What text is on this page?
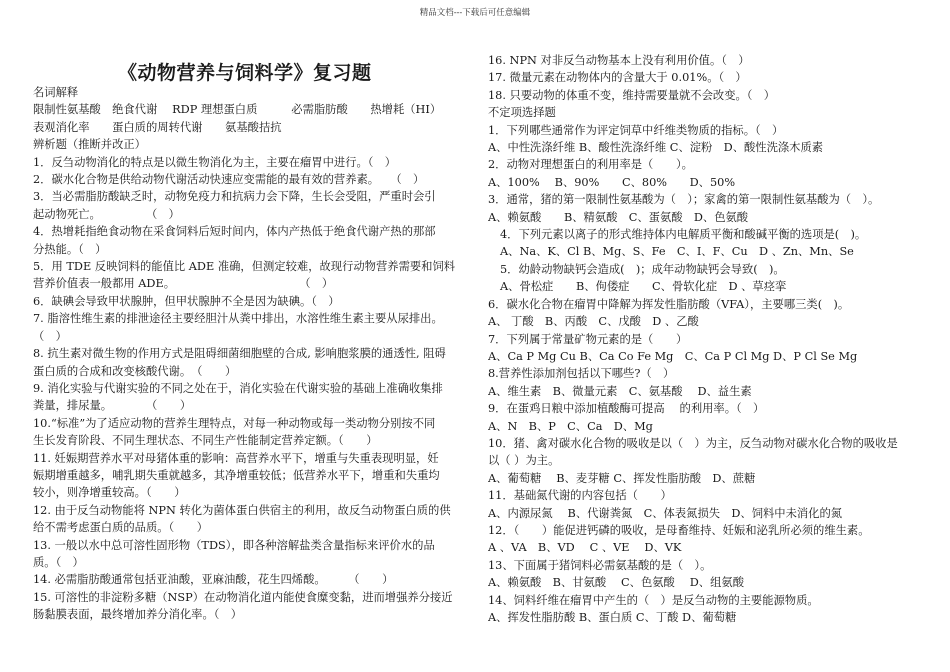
精品文档---下载后可任意编辑
《动物营养与饲料学》复习题
名词解释
限制性氨基酸　绝食代谢　 RDP 理想蛋白质　　　必需脂肪酸　　热增耗（HI）
表观消化率　　蛋白质的周转代谢　　氨基酸拮抗
辨析题（推断并改正）
1．反刍动物消化的特点是以微生物消化为主，主要在瘤胃中进行。（　）
2．碳水化合物是供给动物代谢活动快速应变需能的最有效的营养素。　　（　）
3．当必需脂肪酸缺乏时，动物免疫力和抗病力会下降，生长会受阻，严重时会引
起动物死亡。　　　　　（　）
4．热增耗指绝食动物在采食饲料后短时间内，体内产热低于绝食代谢产热的那部
分热能。（　）
5．用 TDE 反映饲料的能值比 ADE 准确，但测定较难，故现行动物营养需要和饲料
营养价值表一般都用 ADE。　　　　　　　　　　　　（　）
6．缺碘会导致甲状腺肿，但甲状腺肿不全是因为缺碘。（　）
7. 脂溶性维生素的排泄途径主要经胆汁从粪中排出，水溶性维生素主要从尿排出。
（　）
8. 抗生素对微生物的作用方式是阻碍细菌细胞壁的合成, 影响胞浆膜的通透性, 阻碍
蛋白质的合成和改变核酸代谢。　（　　）
9. 消化实验与代谢实验的不同之处在于，消化实验在代谢实验的基础上准确收集排
粪量，排尿量。　　　　（　　）
10.“标准”为了适应动物的营养生理特点，对每一种动物或每一类动物分别按不同
生长发育阶段、不同生理状态、不同生产性能制定营养定额。（　　）
11. 妊娠期营养水平对母猪体重的影响：高营养水平下，增重与失重表现明显，妊
娠期增重越多，哺乳期失重就越多，其净增重较低；低营养水平下，增重和失重均
较小，则净增重较高。（　　）
12. 由于反刍动物能将 NPN 转化为菌体蛋白供宿主的利用，故反刍动物蛋白质的供
给不需考虑蛋白质的品质。（　　）
13. 一般以水中总可溶性固形物（TDS），即各种溶解盐类含量指标来评价水的品
质。（　）
14. 必需脂肪酸通常包括亚油酸，亚麻油酸，花生四烯酸。　　　（　　）
15. 可溶性的非淀粉多糖（NSP）在动物消化道内能使食糜变黏，进而增强养分接近
肠黏膜表面，最终增加养分消化率。（　）
16. NPN 对非反刍动物基本上没有利用价值。（　）
17. 微量元素在动物体内的含量大于 0.01%。（　）
18. 只要动物的体重不变，维持需要量就不会改变。（　）
不定项选择题
1．下列哪些通常作为评定饲草中纤维类物质的指标。（　）
A、中性洗涤纤维 B、酸性洗涤纤维 C、淀粉　D、酸性洗涤木质素
2．动物对理想蛋白的利用率是（　　）。
A、100%　 B、90%　　C、80%　　D、50%
3．通常，猪的第一限制性氨基酸为（　）；家禽的第一限制性氨基酸为（　）。
A、赖氨酸　　B、精氨酸　C、蛋氨酸　D、色氨酸
4．下列元素以离子的形式维持体内电解质平衡和酸碱平衡的选项是(　)。
A、Na、K、Cl B、Mg、S、Fe　C、I、F、Cu　D 、Zn、Mn、Se
5．幼龄动物缺钙会造成(　)；成年动物缺钙会导致(　)。
A、骨松症　　B、佝偻症　　C、骨软化症　D 、草痉挛
6．碳水化合物在瘤胃中降解为挥发性脂肪酸（VFA），主要哪三类(　)。
A、 丁酸　B、丙酸　C、戊酸　D 、乙酸
7．下列属于常量矿物元素的是（　　）
A、Ca P Mg Cu B、Ca Co Fe Mg　C、Ca P Cl Mg D、P Cl Se Mg
8.营养性添加剂包括以下哪些?（　）
A、维生素　B、微量元素　C、氨基酸　 D、益生素
9．在蛋鸡日粮中添加植酸酶可提高　 的利用率。（　）
A、N　B、P　C、Ca　D、Mg
10．猪、禽对碳水化合物的吸收是以（　）为主，反刍动物对碳水化合物的吸收是
以（ ）为主。
A、葡萄糖　 B、麦芽糖 C、挥发性脂肪酸　D、蔗糖
11．基础氮代谢的内容包括（　　）
A、内源尿氮　 B、代谢粪氮　C、体表氮损失　D、饲料中未消化的氮
12．（　　）能促进钙磷的吸收，是母畜维持、妊娠和泌乳所必须的维生素。
A 、VA　B、VD　 C 、VE　 D、VK
13、下面属于猪饲料必需氨基酸的是（　）。
A、赖氨酸　B、甘氨酸　 C、色氨酸　 D、组氨酸
14、饲料纤维在瘤胃中产生的（　）是反刍动物的主要能源物质。
A、挥发性脂肪酸 B、蛋白质 C、丁酸 D、葡萄糖
